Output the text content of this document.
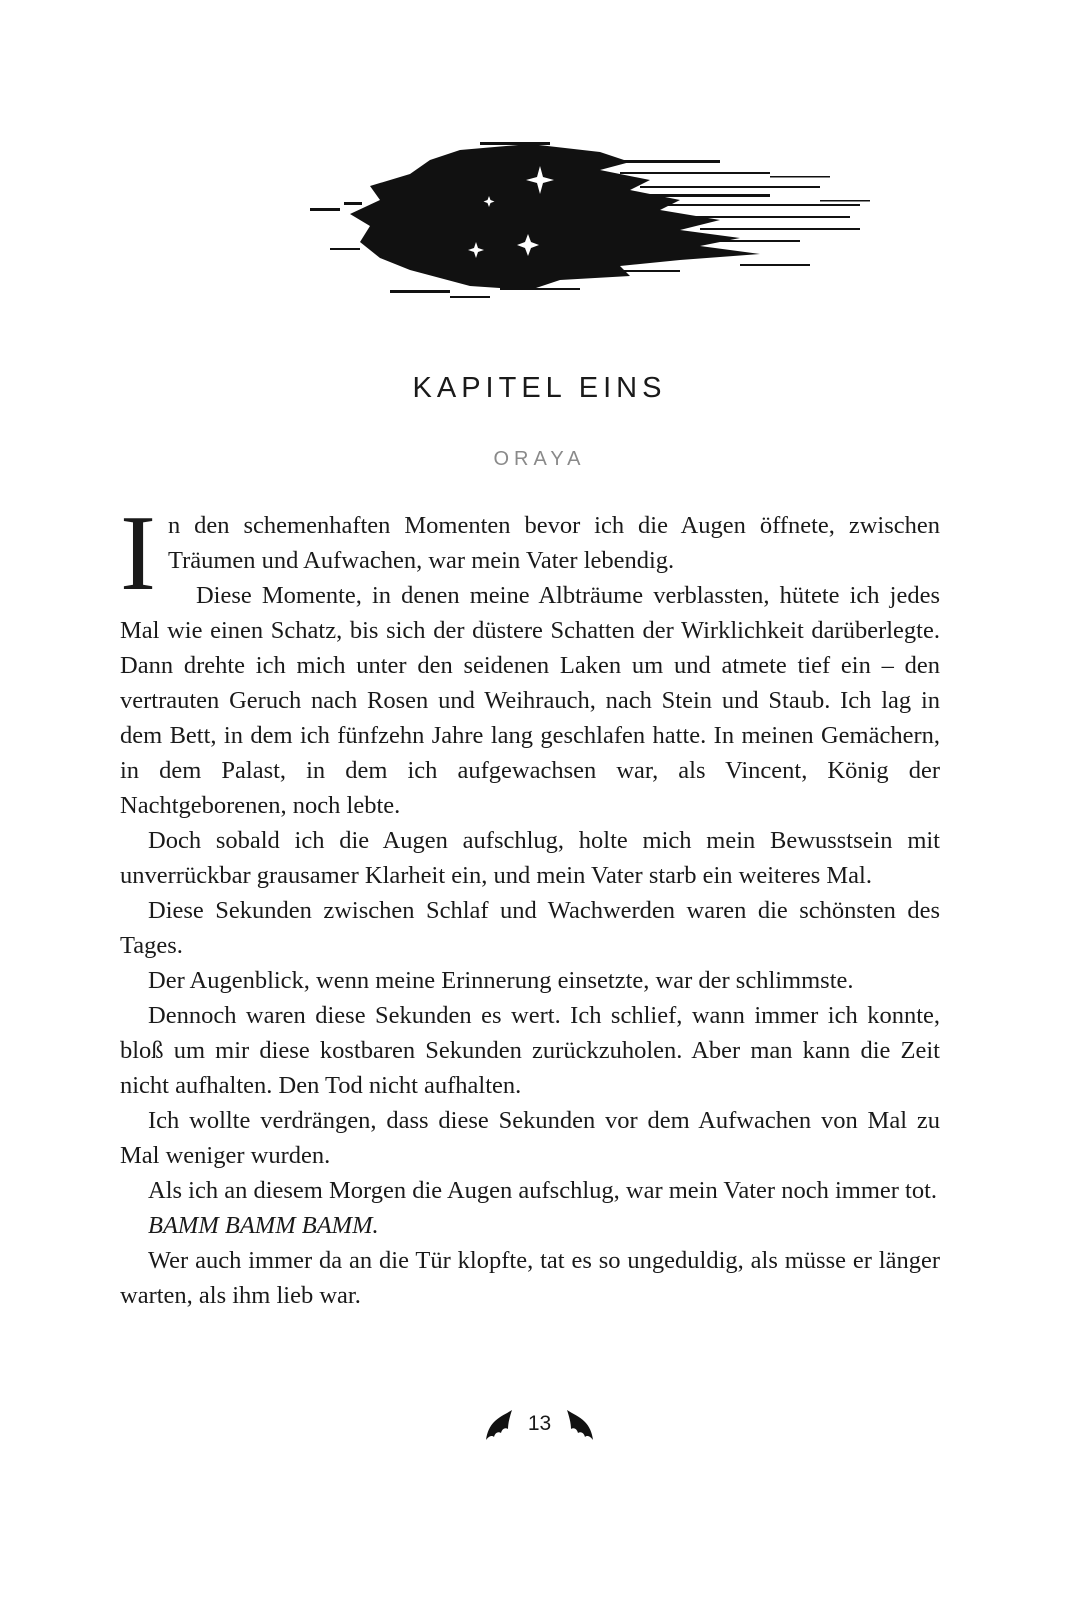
KAPITEL EINS
ORAYA

In den schemenhaften Momenten bevor ich die Augen öffnete, zwischen Träumen und Aufwachen, war mein Vater lebendig.

Diese Momente, in denen meine Albträume verblassten, hütete ich jedes Mal wie einen Schatz, bis sich der düstere Schatten der Wirklichkeit darüberlegte. Dann drehte ich mich unter den seidenen Laken um und atmete tief ein – den vertrauten Geruch nach Rosen und Weihrauch, nach Stein und Staub. Ich lag in dem Bett, in dem ich fünfzehn Jahre lang geschlafen hatte. In meinen Gemächern, in dem Palast, in dem ich aufgewachsen war, als Vincent, König der Nachtgeborenen, noch lebte.

Doch sobald ich die Augen aufschlug, holte mich mein Bewusstsein mit unverrückbar grausamer Klarheit ein, und mein Vater starb ein weiteres Mal.

Diese Sekunden zwischen Schlaf und Wachwerden waren die schönsten des Tages.

Der Augenblick, wenn meine Erinnerung einsetzte, war der schlimmste.

Dennoch waren diese Sekunden es wert. Ich schlief, wann immer ich konnte, bloß um mir diese kostbaren Sekunden zurückzuholen. Aber man kann die Zeit nicht aufhalten. Den Tod nicht aufhalten.

Ich wollte verdrängen, dass diese Sekunden vor dem Aufwachen von Mal zu Mal weniger wurden.

Als ich an diesem Morgen die Augen aufschlug, war mein Vater noch immer tot.

BAMM BAMM BAMM.

Wer auch immer da an die Tür klopfte, tat es so ungeduldig, als müsse er länger warten, als ihm lieb war.

13
